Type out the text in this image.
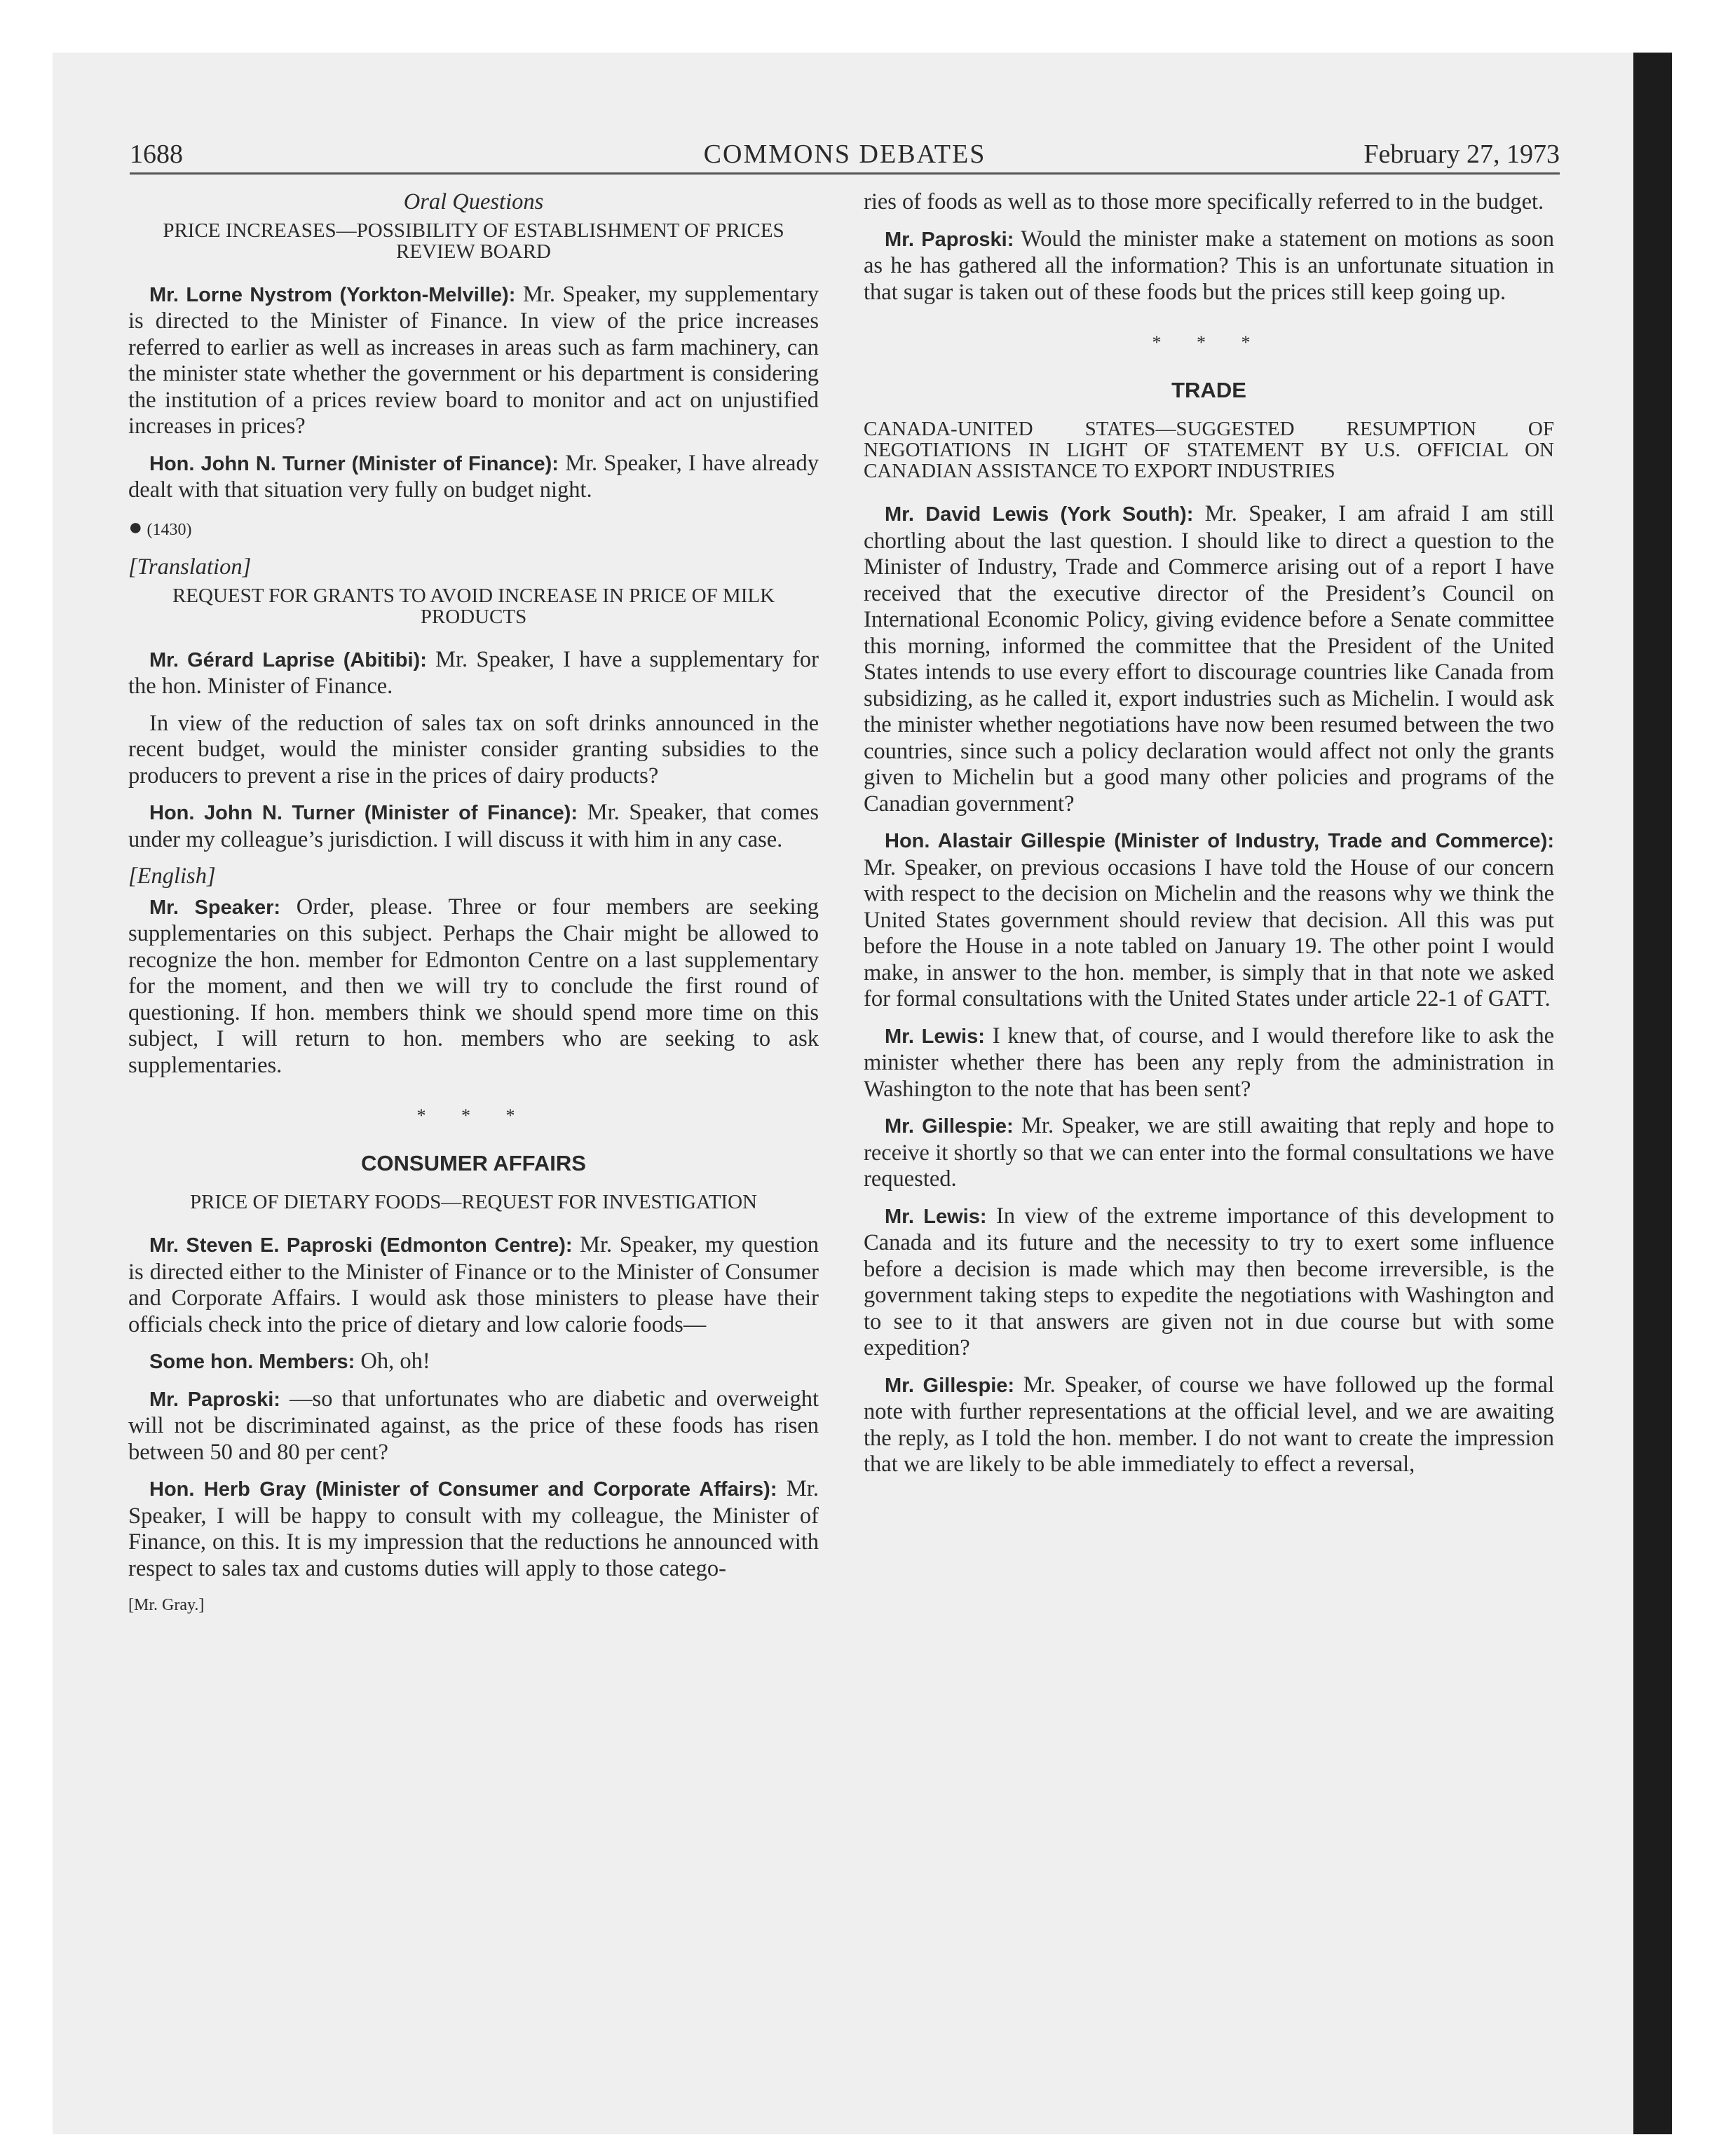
1688	COMMONS DEBATES	February 27, 1973
Oral Questions
PRICE INCREASES—POSSIBILITY OF ESTABLISHMENT OF PRICES REVIEW BOARD

Mr. Lorne Nystrom (Yorkton-Melville): Mr. Speaker, my supplementary is directed to the Minister of Finance. In view of the price increases referred to earlier as well as increases in areas such as farm machinery, can the minister state whether the government or his department is considering the institution of a prices review board to monitor and act on unjustified increases in prices?

Hon. John N. Turner (Minister of Finance): Mr. Speaker, I have already dealt with that situation very fully on budget night.

● (1430)
[Translation]
REQUEST FOR GRANTS TO AVOID INCREASE IN PRICE OF MILK PRODUCTS

Mr. Gérard Laprise (Abitibi): Mr. Speaker, I have a supplementary for the hon. Minister of Finance.

In view of the reduction of sales tax on soft drinks announced in the recent budget, would the minister consider granting subsidies to the producers to prevent a rise in the prices of dairy products?

Hon. John N. Turner (Minister of Finance): Mr. Speaker, that comes under my colleague’s jurisdiction. I will discuss it with him in any case.

[English]

Mr. Speaker: Order, please. Three or four members are seeking supplementaries on this subject. Perhaps the Chair might be allowed to recognize the hon. member for Edmonton Centre on a last supplementary for the moment, and then we will try to conclude the first round of questioning. If hon. members think we should spend more time on this subject, I will return to hon. members who are seeking to ask supplementaries.

* * *
CONSUMER AFFAIRS
PRICE OF DIETARY FOODS—REQUEST FOR INVESTIGATION

Mr. Steven E. Paproski (Edmonton Centre): Mr. Speaker, my question is directed either to the Minister of Finance or to the Minister of Consumer and Corporate Affairs. I would ask those ministers to please have their officials check into the price of dietary and low calorie foods—

Some hon. Members: Oh, oh!

Mr. Paproski: —so that unfortunates who are diabetic and overweight will not be discriminated against, as the price of these foods has risen between 50 and 80 per cent?

Hon. Herb Gray (Minister of Consumer and Corporate Affairs): Mr. Speaker, I will be happy to consult with my colleague, the Minister of Finance, on this. It is my impression that the reductions he announced with respect to sales tax and customs duties will apply to those catego-

[Mr. Gray.]

ries of foods as well as to those more specifically referred to in the budget.

Mr. Paproski: Would the minister make a statement on motions as soon as he has gathered all the information? This is an unfortunate situation in that sugar is taken out of these foods but the prices still keep going up.

* * *
TRADE
CANADA-UNITED STATES—SUGGESTED RESUMPTION OF NEGOTIATIONS IN LIGHT OF STATEMENT BY U.S. OFFICIAL ON CANADIAN ASSISTANCE TO EXPORT INDUSTRIES

Mr. David Lewis (York South): Mr. Speaker, I am afraid I am still chortling about the last question. I should like to direct a question to the Minister of Industry, Trade and Commerce arising out of a report I have received that the executive director of the President’s Council on International Economic Policy, giving evidence before a Senate committee this morning, informed the committee that the President of the United States intends to use every effort to discourage countries like Canada from subsidizing, as he called it, export industries such as Michelin. I would ask the minister whether negotiations have now been resumed between the two countries, since such a policy declaration would affect not only the grants given to Michelin but a good many other policies and programs of the Canadian government?

Hon. Alastair Gillespie (Minister of Industry, Trade and Commerce): Mr. Speaker, on previous occasions I have told the House of our concern with respect to the decision on Michelin and the reasons why we think the United States government should review that decision. All this was put before the House in a note tabled on January 19. The other point I would make, in answer to the hon. member, is simply that in that note we asked for formal consultations with the United States under article 22-1 of GATT.

Mr. Lewis: I knew that, of course, and I would therefore like to ask the minister whether there has been any reply from the administration in Washington to the note that has been sent?

Mr. Gillespie: Mr. Speaker, we are still awaiting that reply and hope to receive it shortly so that we can enter into the formal consultations we have requested.

Mr. Lewis: In view of the extreme importance of this development to Canada and its future and the necessity to try to exert some influence before a decision is made which may then become irreversible, is the government taking steps to expedite the negotiations with Washington and to see to it that answers are given not in due course but with some expedition?

Mr. Gillespie: Mr. Speaker, of course we have followed up the formal note with further representations at the official level, and we are awaiting the reply, as I told the hon. member. I do not want to create the impression that we are likely to be able immediately to effect a reversal,
